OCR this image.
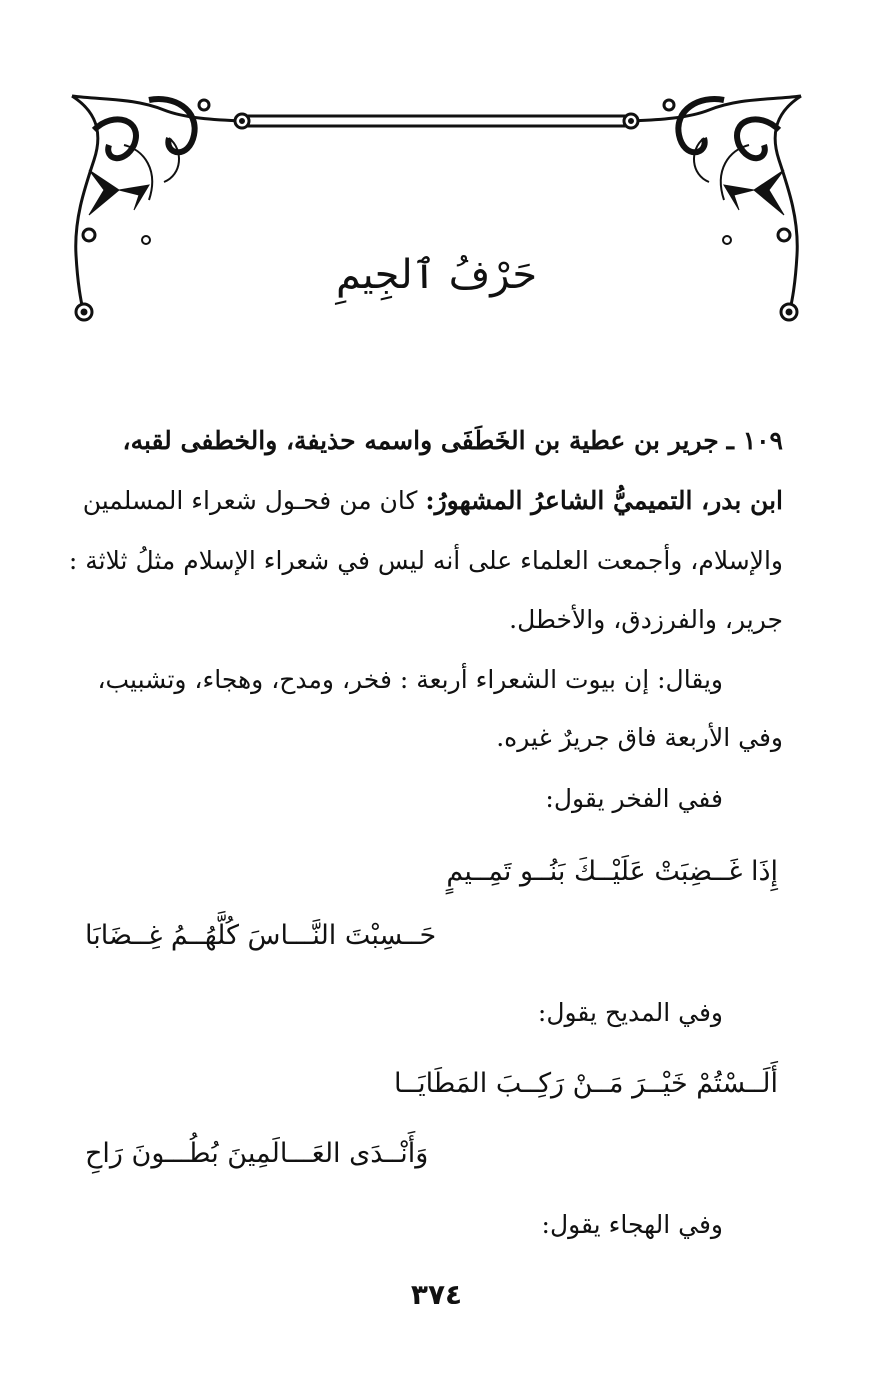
حَرْفُ ٱلجِيمِ
١٠٩ ـ جرير بن عطية بن الخَطَفَى واسمه حذيفة، والخطفى لقبه،
ابن بدر، التميميُّ الشاعرُ المشهورُ: كان من فحـول شعراء المسلمين
والإسلام، وأجمعت العلماء على أنه ليس في شعراء الإسلام مثلُ ثلاثة :
جرير، والفرزدق، والأخطل.
ويقال: إن بيوت الشعراء أربعة : فخر، ومدح، وهجاء، وتشبيب،
وفي الأربعة فاق جريرٌ غيره.
ففي الفخر يقول:
إِذَا غَــضِبَتْ عَلَيْــكَ بَنُــو تَمِــيمٍ
حَــسِبْتَ النَّـــاسَ كُلَّهُــمُ غِــضَابَا
وفي المديح يقول:
أَلَــسْتُمْ خَيْــرَ مَــنْ رَكِــبَ المَطَايَــا
وَأَنْــدَى العَـــالَمِينَ بُطُـــونَ رَاحِ
وفي الهجاء يقول:
٣٧٤
